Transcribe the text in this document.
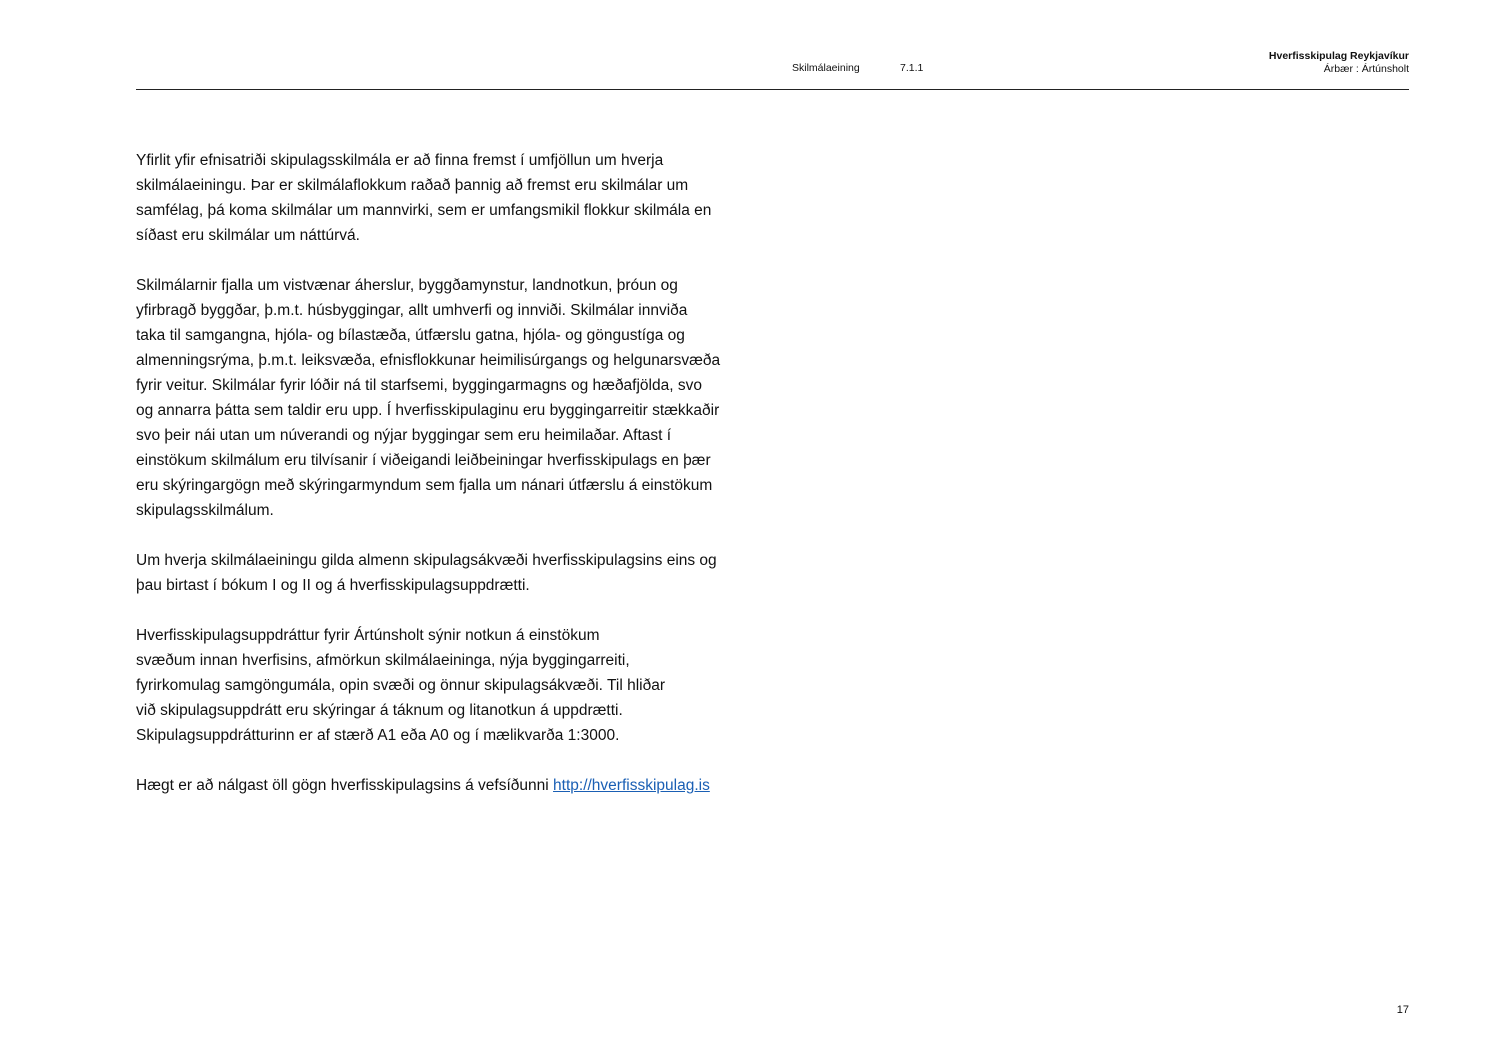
Skilmálaeining	7.1.1
Hverfisskipulag Reykjavíkur
Árbær : Ártúnsholt

Yfirlit yfir efnisatriði skipulagsskilmála er að finna fremst í umfjöllun um hverja
skilmálaeiningu. Þar er skilmálaflokkum raðað þannig að fremst eru skilmálar um
samfélag, þá koma skilmálar um mannvirki, sem er umfangsmikil flokkur skilmála en
síðast eru skilmálar um náttúrvá.

Skilmálarnir fjalla um vistvænar áherslur, byggðamynstur, landnotkun, þróun og
yfirbragð byggðar, þ.m.t. húsbyggingar, allt umhverfi og innviði. Skilmálar innviða
taka til samgangna, hjóla- og bílastæða, útfærslu gatna, hjóla- og göngustíga og
almenningsrýma, þ.m.t. leiksvæða, efnisflokkunar heimilisúrgangs og helgunarsvæða
fyrir veitur. Skilmálar fyrir lóðir ná til starfsemi, byggingarmagns og hæðafjölda, svo
og annarra þátta sem taldir eru upp. Í hverfisskipulaginu eru byggingarreitir stækkaðir
svo þeir nái utan um núverandi og nýjar byggingar sem eru heimilaðar. Aftast í
einstökum skilmálum eru tilvísanir í viðeigandi leiðbeiningar hverfisskipulags en þær
eru skýringargögn með skýringarmyndum sem fjalla um nánari útfærslu á einstökum
skipulagsskilmálum.

Um hverja skilmálaeiningu gilda almenn skipulagsákvæði hverfisskipulagsins eins og
þau birtast í bókum I og II og á hverfisskipulagsuppdrætti.

Hverfisskipulagsuppdráttur fyrir Ártúnsholt sýnir notkun á einstökum
svæðum innan hverfisins, afmörkun skilmálaeininga, nýja byggingarreiti,
fyrirkomulag samgöngumála, opin svæði og önnur skipulagsákvæði. Til hliðar
við skipulagsuppdrátt eru skýringar á táknum og litanotkun á uppdrætti.
Skipulagsuppdrátturinn er af stærð A1 eða A0 og í mælikvarða 1:3000.

Hægt er að nálgast öll gögn hverfisskipulagsins á vefsíðunni http://hverfisskipulag.is

17
